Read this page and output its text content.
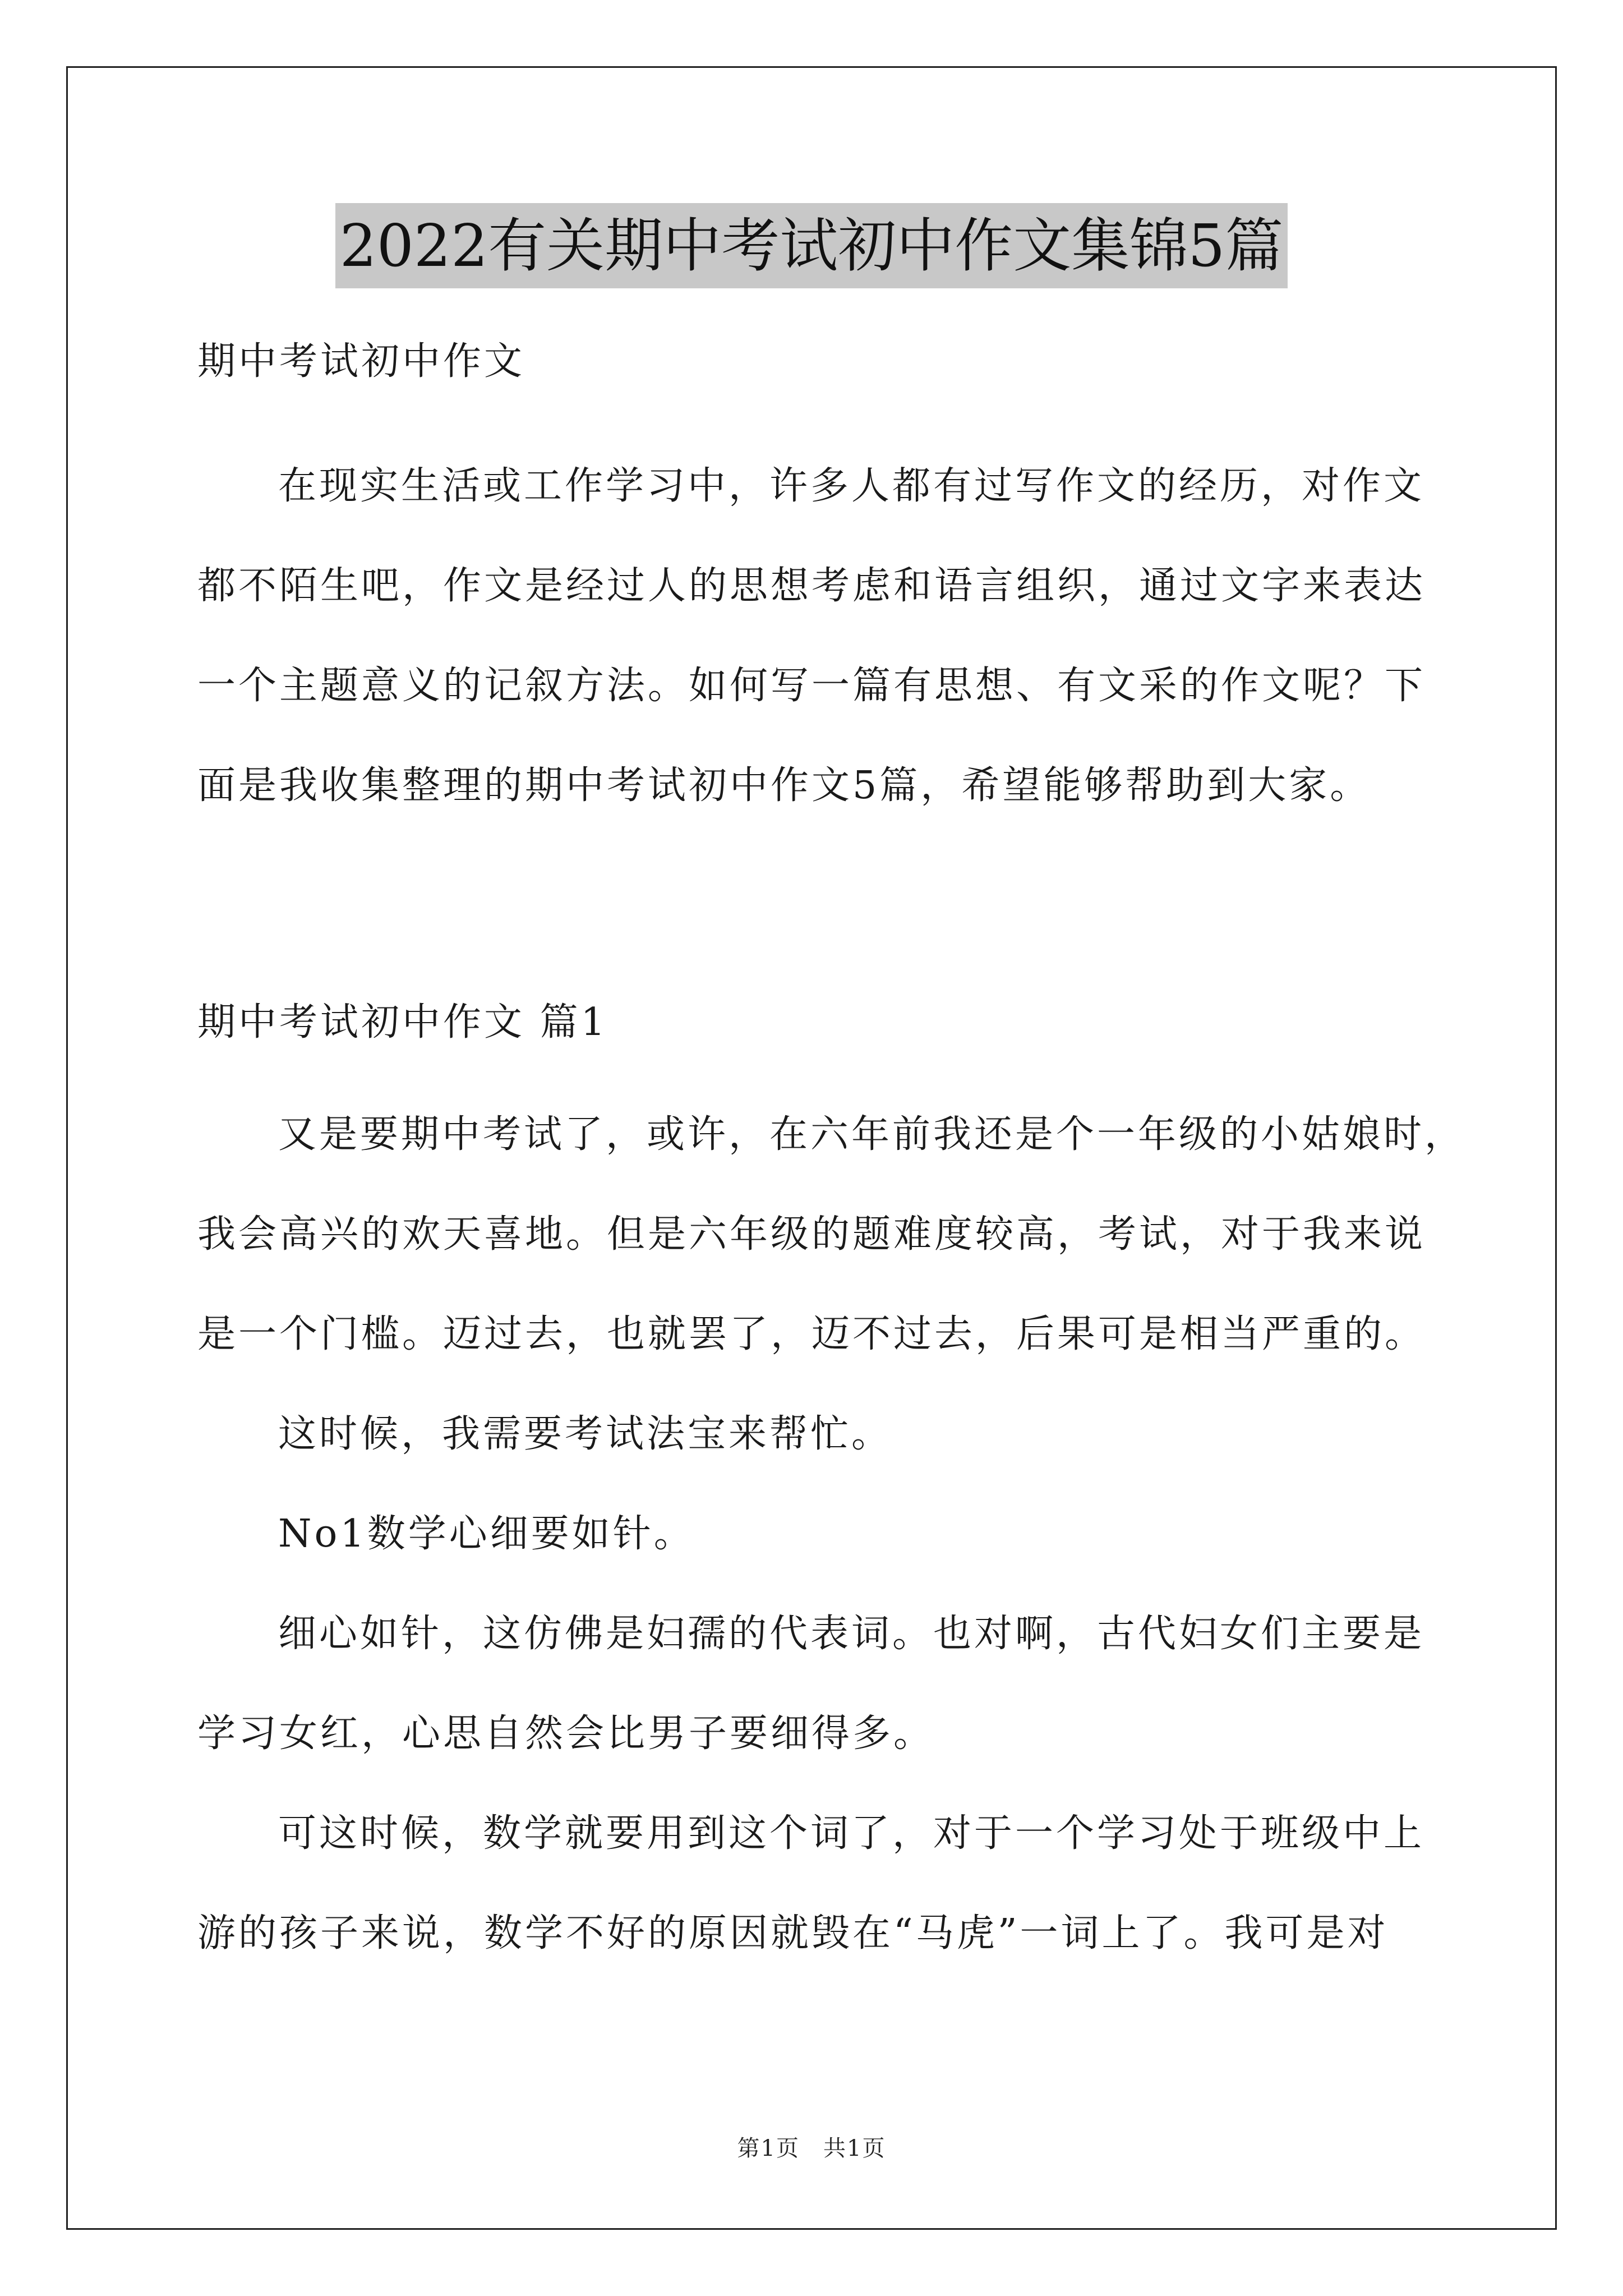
2022有关期中考试初中作文集锦5篇
期中考试初中作文
在现实生活或工作学习中，许多人都有过写作文的经历，对作文
都不陌生吧，作文是经过人的思想考虑和语言组织，通过文字来表达
一个主题意义的记叙方法。如何写一篇有思想、有文采的作文呢？下
面是我收集整理的期中考试初中作文5篇，希望能够帮助到大家。
期中考试初中作文 篇1
又是要期中考试了，或许，在六年前我还是个一年级的小姑娘时，
我会高兴的欢天喜地。但是六年级的题难度较高，考试，对于我来说
是一个门槛。迈过去，也就罢了，迈不过去，后果可是相当严重的。
这时候，我需要考试法宝来帮忙。
No1数学心细要如针。
细心如针，这仿佛是妇孺的代表词。也对啊，古代妇女们主要是
学习女红，心思自然会比男子要细得多。
可这时候，数学就要用到这个词了，对于一个学习处于班级中上
游的孩子来说，数学不好的原因就毁在“马虎”一词上了。我可是对
第1页　共1页
